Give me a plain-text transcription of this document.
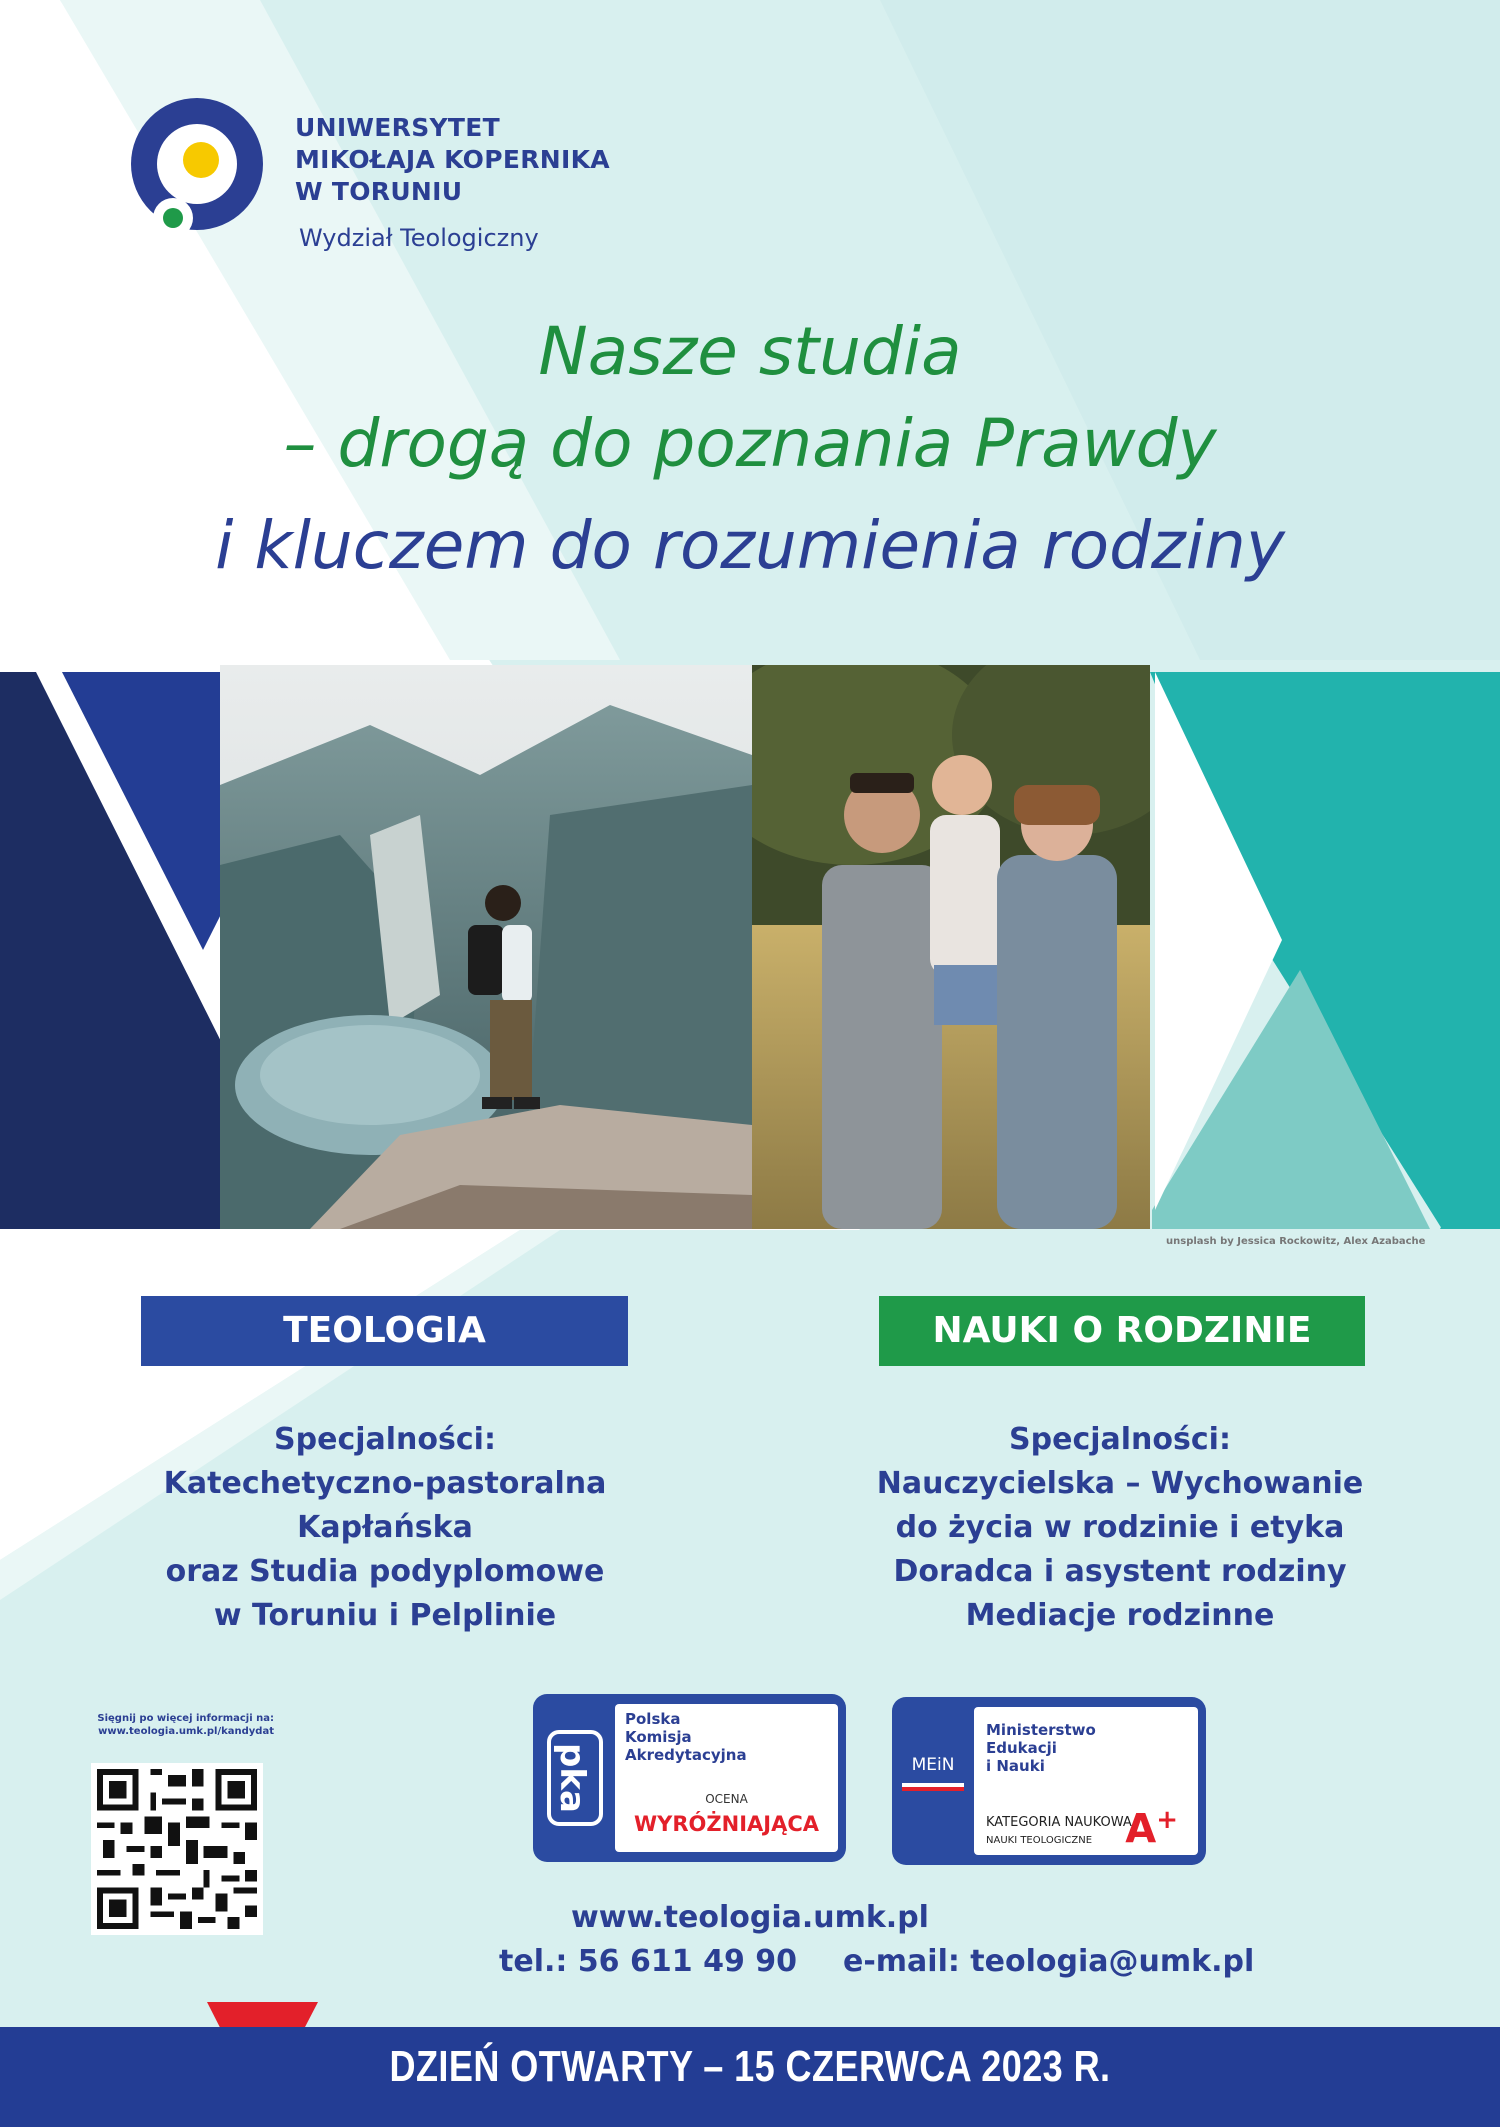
UNIWERSYTET
MIKOŁAJA KOPERNIKA
W TORUNIU
Wydział Teologiczny
Nasze studia
– drogą do poznania Prawdy
i kluczem do rozumienia rodziny
unsplash by Jessica Rockowitz, Alex Azabache
TEOLOGIA	NAUKI O RODZINIE
Specjalności:
Katechetyczno-pastoralna
Kapłańska
oraz Studia podyplomowe
w Toruniu i Pelplinie
Specjalności:
Nauczycielska – Wychowanie
do życia w rodzinie i etyka
Doradca i asystent rodziny
Mediacje rodzinne
Sięgnij po więcej informacji na:
www.teologia.umk.pl/kandydat
pka
Polska
Komisja
Akredytacyjna
OCENA
WYRÓŻNIAJĄCA
MEiN
Ministerstwo
Edukacji
i Nauki
KATEGORIA NAUKOWA
NAUKI TEOLOGICZNE A+
www.teologia.umk.pl
tel.: 56 611 49 90 e-mail: teologia@umk.pl
DZIEŃ OTWARTY – 15 CZERWCA 2023 R.
